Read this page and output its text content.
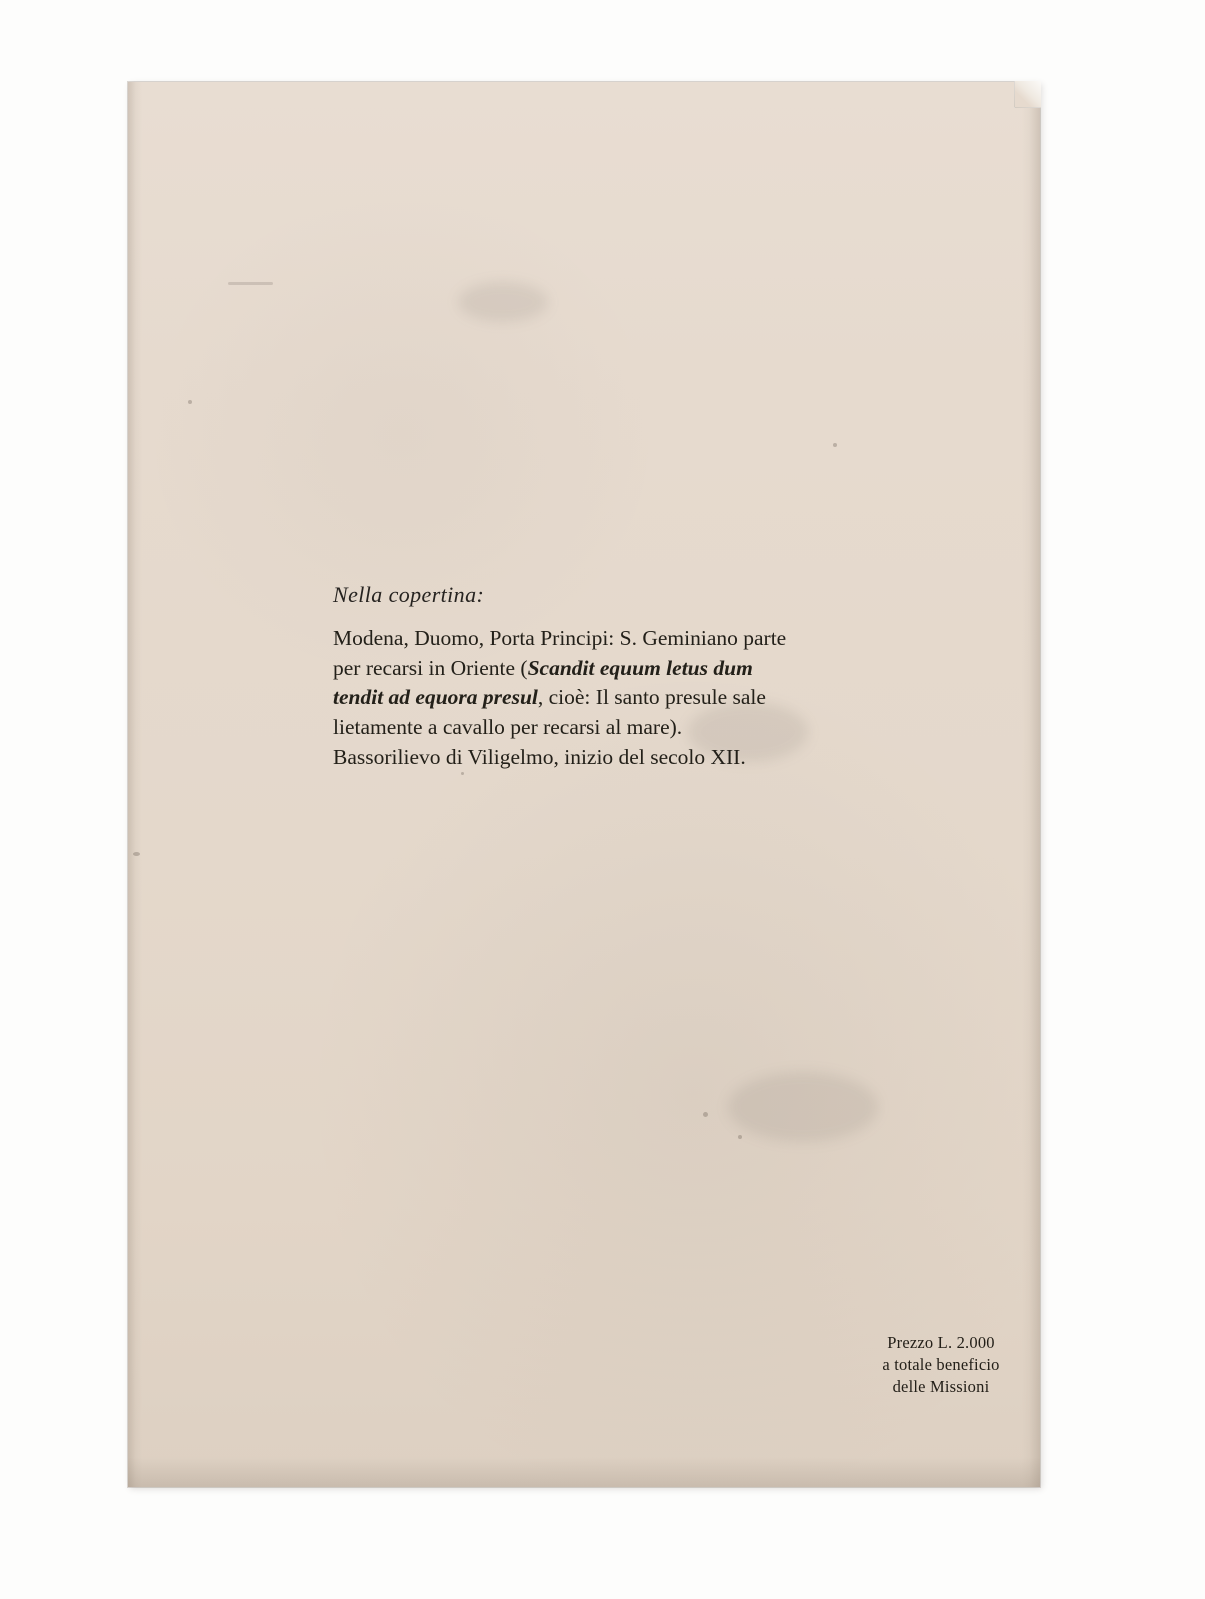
Nella copertina:
Modena, Duomo, Porta Principi: S. Geminiano parte
per recarsi in Oriente (Scandit equum letus dum
tendit ad equora presul, cioè: Il santo presule sale
lietamente a cavallo per recarsi al mare).
Bassorilievo di Viligelmo, inizio del secolo XII.
Prezzo L. 2.000
a totale beneficio
delle Missioni
